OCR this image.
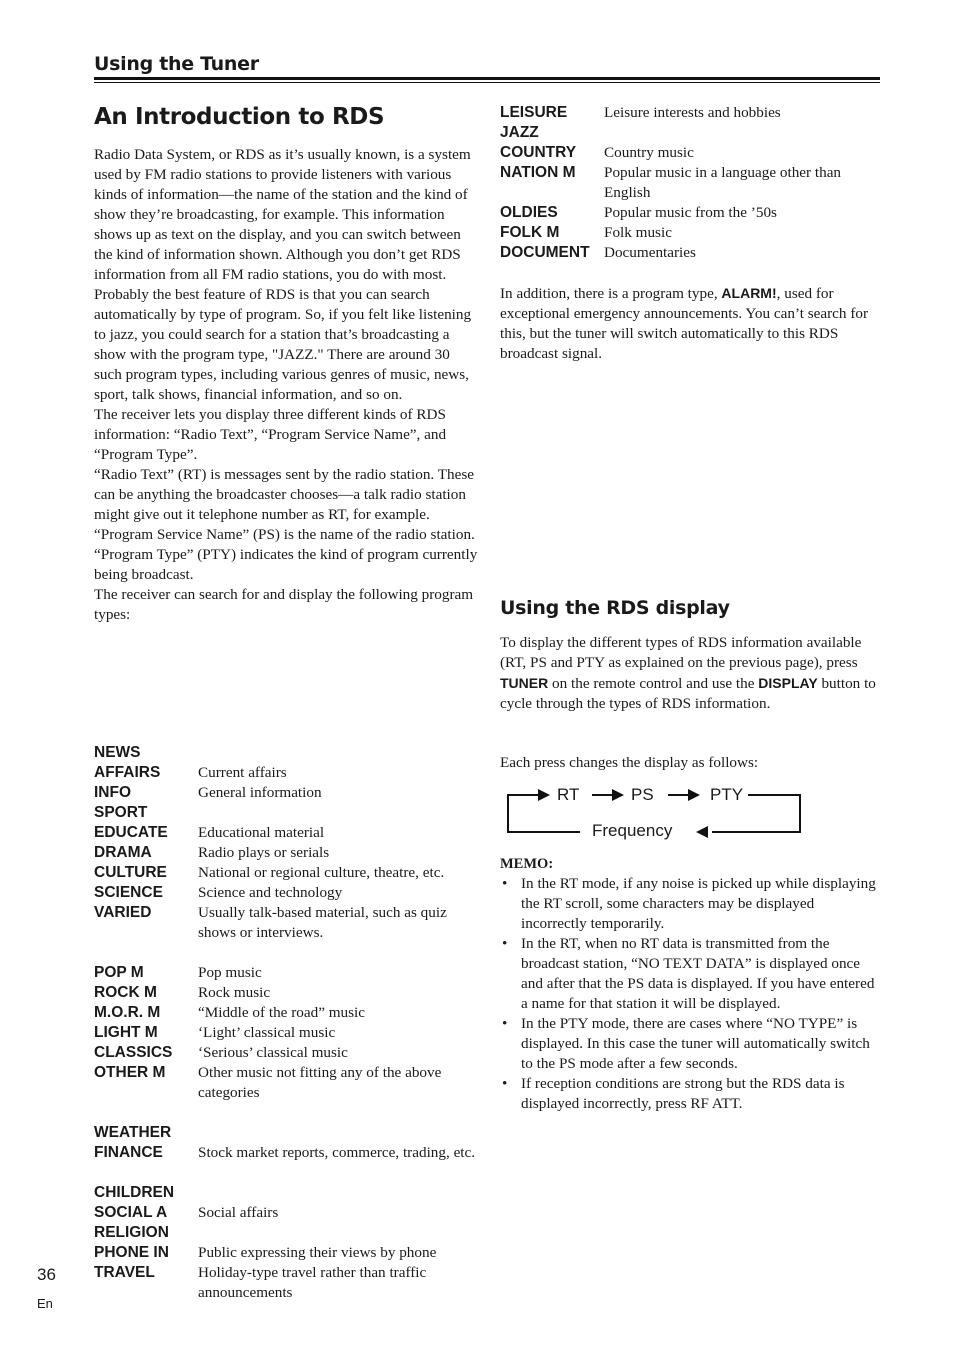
Using the Tuner
An Introduction to RDS

Radio Data System, or RDS as it’s usually known, is a system used by FM radio stations to provide listeners with various kinds of information—the name of the station and the kind of show they’re broadcasting, for example. This information shows up as text on the display, and you can switch between the kind of information shown. Although you don’t get RDS information from all FM radio stations, you do with most.

Probably the best feature of RDS is that you can search automatically by type of program. So, if you felt like listening to jazz, you could search for a station that’s broadcasting a show with the program type, "JAZZ." There are around 30 such program types, including various genres of music, news, sport, talk shows, financial information, and so on.

The receiver lets you display three different kinds of RDS information: “Radio Text”, “Program Service Name”, and “Program Type”.

“Radio Text” (RT) is messages sent by the radio station. These can be anything the broadcaster chooses—a talk radio station might give out it telephone number as RT, for example.

“Program Service Name” (PS) is the name of the radio station.

“Program Type” (PTY) indicates the kind of program currently being broadcast.

The receiver can search for and display the following program types:

NEWS	
AFFAIRS	Current affairs
INFO	General information
SPORT	
EDUCATE	Educational material
DRAMA	Radio plays or serials
CULTURE	National or regional culture, theatre, etc.
SCIENCE	Science and technology
VARIED	Usually talk-based material, such as quiz shows or interviews.

POP M	Pop music
ROCK M	Rock music
M.O.R. M	“Middle of the road” music
LIGHT M	‘Light’ classical music
CLASSICS	‘Serious’ classical music
OTHER M	Other music not fitting any of the above categories

WEATHER	
FINANCE	Stock market reports, commerce, trading, etc.

CHILDREN	
SOCIAL A	Social affairs
RELIGION	
PHONE IN	Public expressing their views by phone
TRAVEL	Holiday-type travel rather than traffic announcements
LEISURE	Leisure interests and hobbies
JAZZ	
COUNTRY	Country music
NATION M	Popular music in a language other than English
OLDIES	Popular music from the ’50s
FOLK M	Folk music
DOCUMENT	Documentaries

In addition, there is a program type, ALARM!, used for exceptional emergency announcements. You can’t search for this, but the tuner will switch automatically to this RDS broadcast signal.

Using the RDS display

To display the different types of RDS information available (RT, PS and PTY as explained on the previous page), press TUNER on the remote control and use the DISPLAY button to cycle through the types of RDS information.

Each press changes the display as follows:

RT	PS	PTY
Frequency
MEMO:
• In the RT mode, if any noise is picked up while displaying the RT scroll, some characters may be displayed incorrectly temporarily.
• In the RT, when no RT data is transmitted from the broadcast station, “NO TEXT DATA” is displayed once and after that the PS data is displayed. If you have entered a name for that station it will be displayed.
• In the PTY mode, there are cases where “NO TYPE” is displayed. In this case the tuner will automatically switch to the PS mode after a few seconds.
• If reception conditions are strong but the RDS data is displayed incorrectly, press RF ATT.
36
En
